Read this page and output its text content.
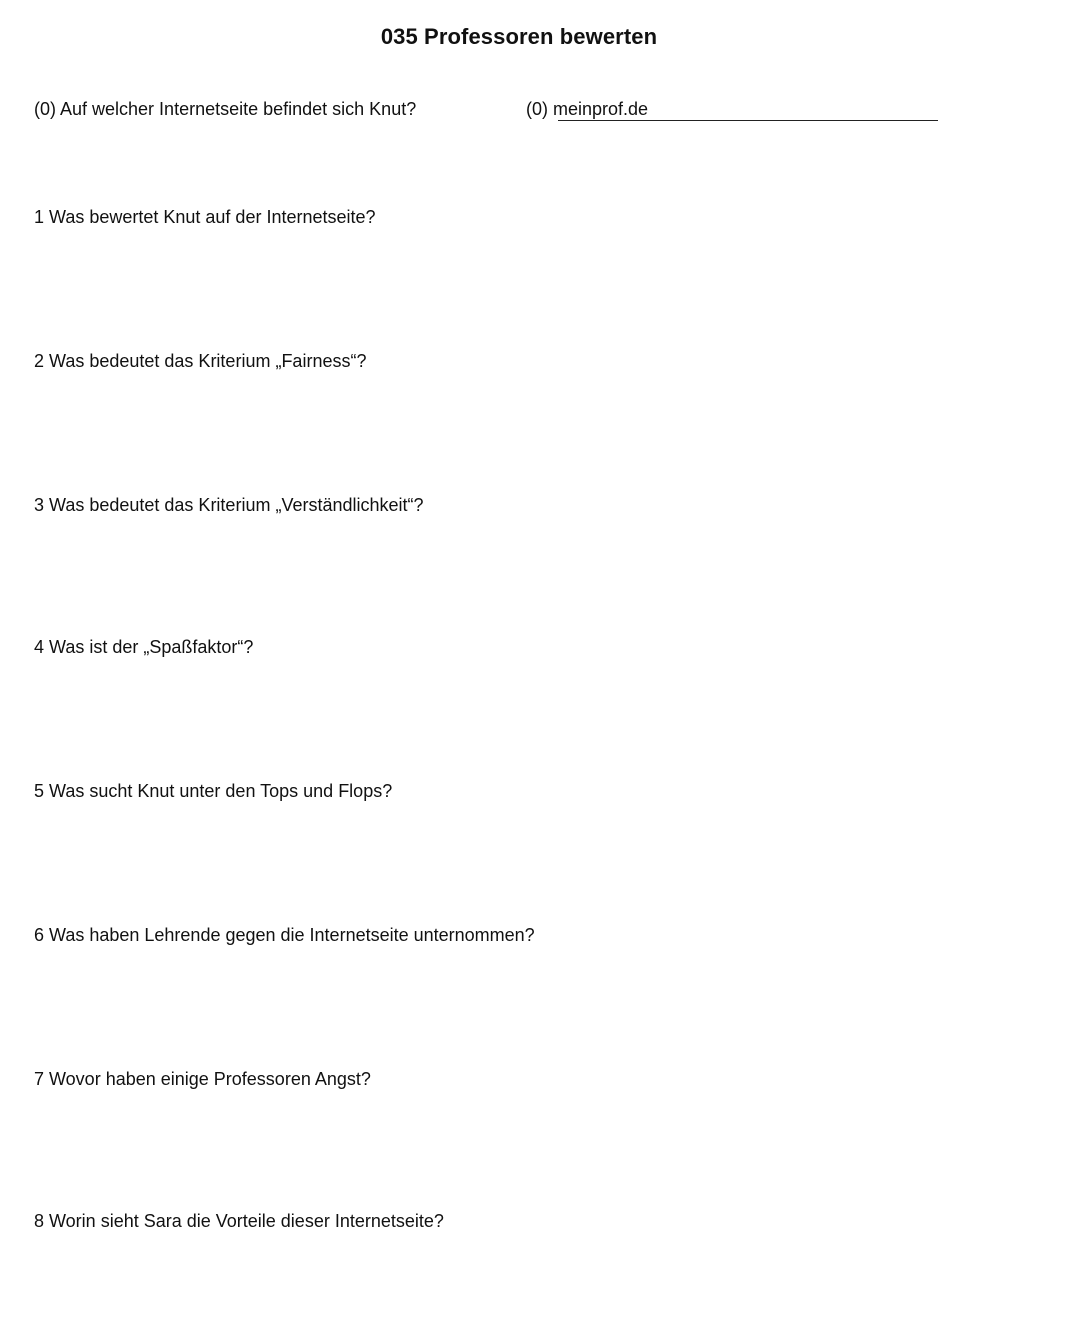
035 Professoren bewerten
(0) Auf welcher Internetseite befindet sich Knut?	(0) meinprof.de
1 Was bewertet Knut auf der Internetseite?
2 Was bedeutet das Kriterium „Fairness“?
3 Was bedeutet das Kriterium „Verständlichkeit“?
4 Was ist der „Spaßfaktor“?
5 Was sucht Knut unter den Tops und Flops?
6 Was haben Lehrende gegen die Internetseite unternommen?
7 Wovor haben einige Professoren Angst?
8 Worin sieht Sara die Vorteile dieser Internetseite?
